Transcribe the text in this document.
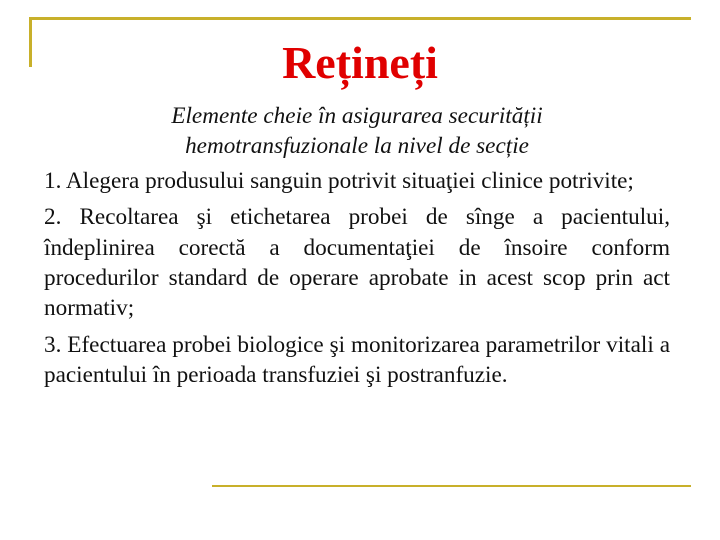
Rețineți

Elemente cheie în asigurarea securității
hemotransfuzionale la nivel de secție

1. Alegera produsului sanguin potrivit situaţiei clinice potrivite;

2. Recoltarea şi etichetarea probei de sînge a pacientului, îndeplinirea corectă a documentaţiei de însoire conform procedurilor standard de operare aprobate in acest scop prin act normativ;

3. Efectuarea probei biologice şi monitorizarea parametrilor vitali a pacientului în perioada transfuziei şi postranfuzie.
